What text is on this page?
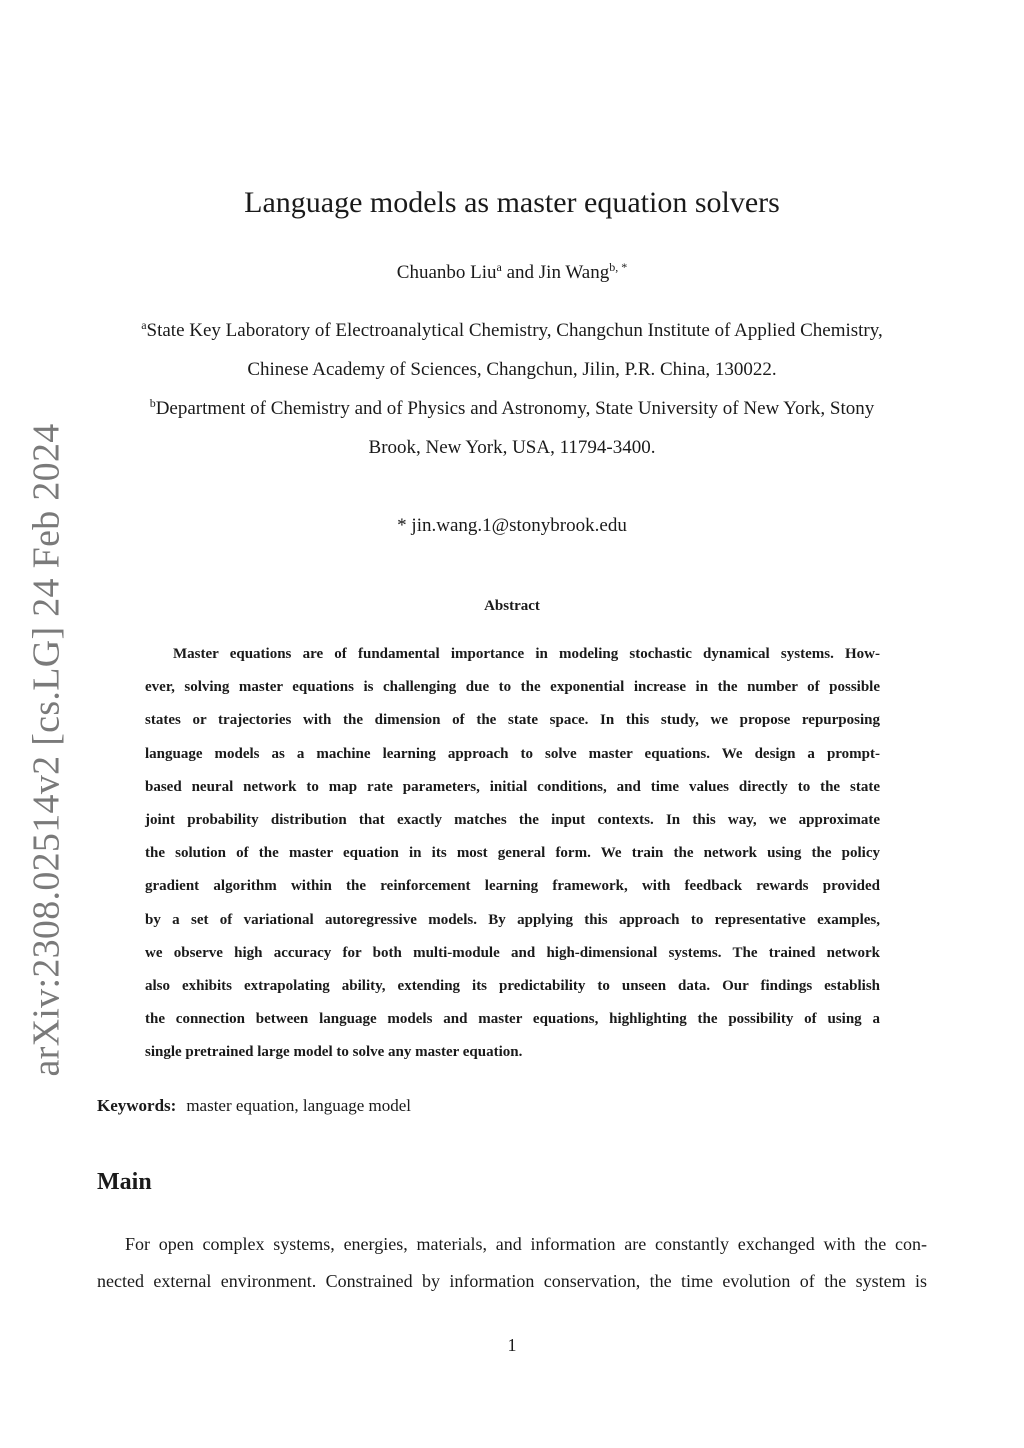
arXiv:2308.02514v2 [cs.LG] 24 Feb 2024
Language models as master equation solvers
Chuanbo Liu$^a$ and Jin Wang$^{b, *}$
$^a$State Key Laboratory of Electroanalytical Chemistry, Changchun Institute of Applied Chemistry,
Chinese Academy of Sciences, Changchun, Jilin, P.R. China, 130022.
$^b$Department of Chemistry and of Physics and Astronomy, State University of New York, Stony
Brook, New York, USA, 11794-3400.
* jin.wang.1@stonybrook.edu
Abstract
Master equations are of fundamental importance in modeling stochastic dynamical systems. How-
ever, solving master equations is challenging due to the exponential increase in the number of possible
states or trajectories with the dimension of the state space. In this study, we propose repurposing
language models as a machine learning approach to solve master equations. We design a prompt-
based neural network to map rate parameters, initial conditions, and time values directly to the state
joint probability distribution that exactly matches the input contexts. In this way, we approximate
the solution of the master equation in its most general form. We train the network using the policy
gradient algorithm within the reinforcement learning framework, with feedback rewards provided
by a set of variational autoregressive models. By applying this approach to representative examples,
we observe high accuracy for both multi-module and high-dimensional systems. The trained network
also exhibits extrapolating ability, extending its predictability to unseen data. Our findings establish
the connection between language models and master equations, highlighting the possibility of using a
single pretrained large model to solve any master equation.
Keywords: master equation, language model
Main
For open complex systems, energies, materials, and information are constantly exchanged with the con-
nected external environment. Constrained by information conservation, the time evolution of the system is
1
